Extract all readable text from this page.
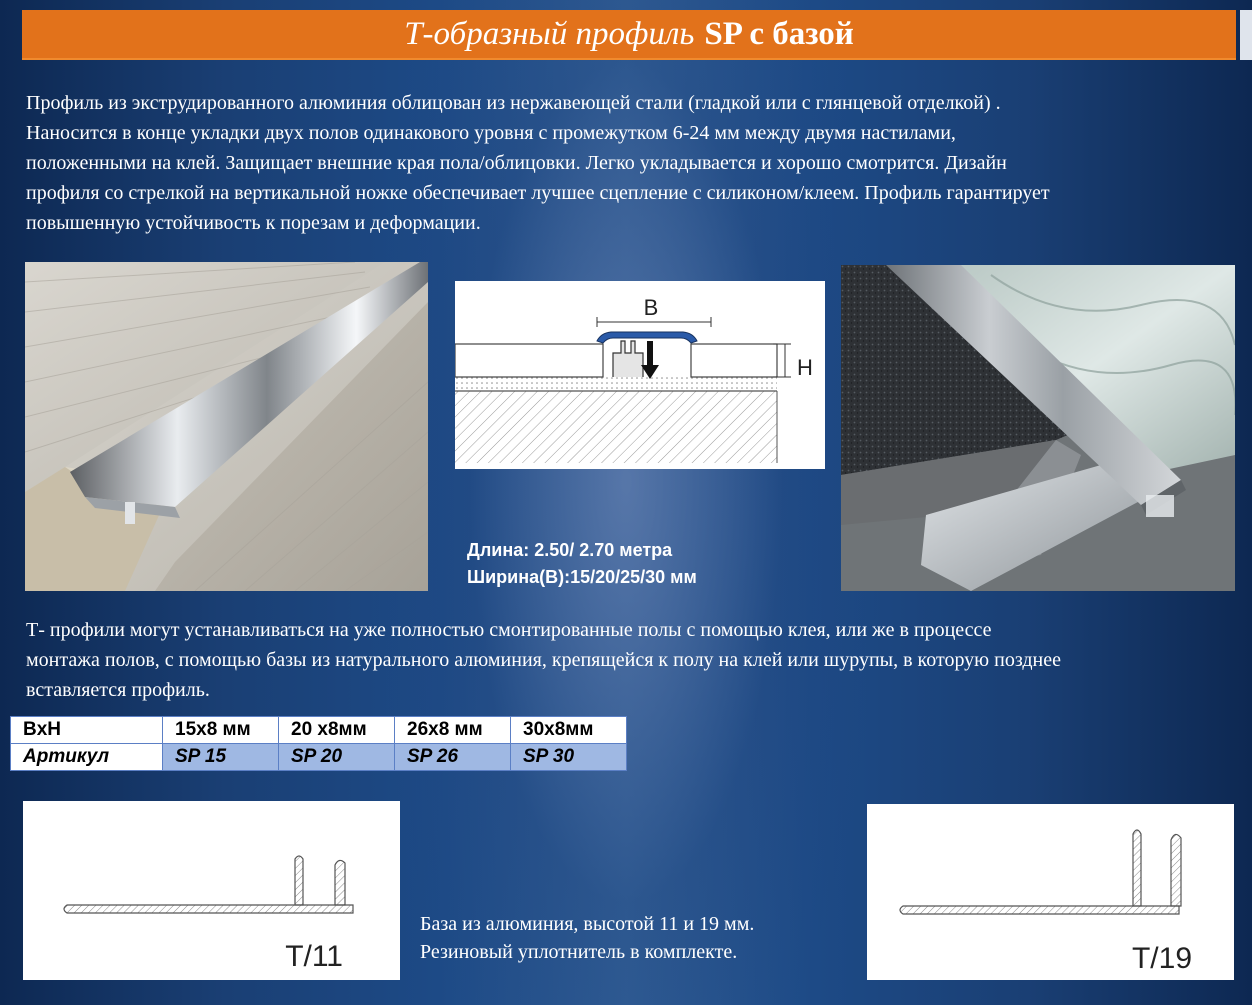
Т-образный профиль SP с базой
Профиль из экструдированного алюминия облицован из нержавеющей стали (гладкой или с глянцевой отделкой) .
Наносится в конце укладки двух полов одинакового уровня с промежутком 6-24 мм между двумя настилами,
положенными на клей. Защищает внешние края пола/облицовки. Легко укладывается и хорошо смотрится. Дизайн
профиля со стрелкой на вертикальной ножке обеспечивает лучшее сцепление с силиконом/клеем. Профиль гарантирует
повышенную устойчивость к порезам и деформации.
B
H
Длина: 2.50/ 2.70 метра
Ширина(B):15/20/25/30 мм
Т- профили могут устанавливаться на уже полностью смонтированные полы с помощью клея, или же в процессе
монтажа полов, с помощью базы из натурального алюминия, крепящейся к полу на клей или шурупы, в которую позднее
вставляется профиль.
BxH	15x8 мм	20 x8мм	26x8 мм	30x8мм
Артикул	SP 15	SP 20	SP 26	SP 30
T/11
База из алюминия, высотой 11 и 19 мм.
Резиновый уплотнитель в комплекте.	T/19
